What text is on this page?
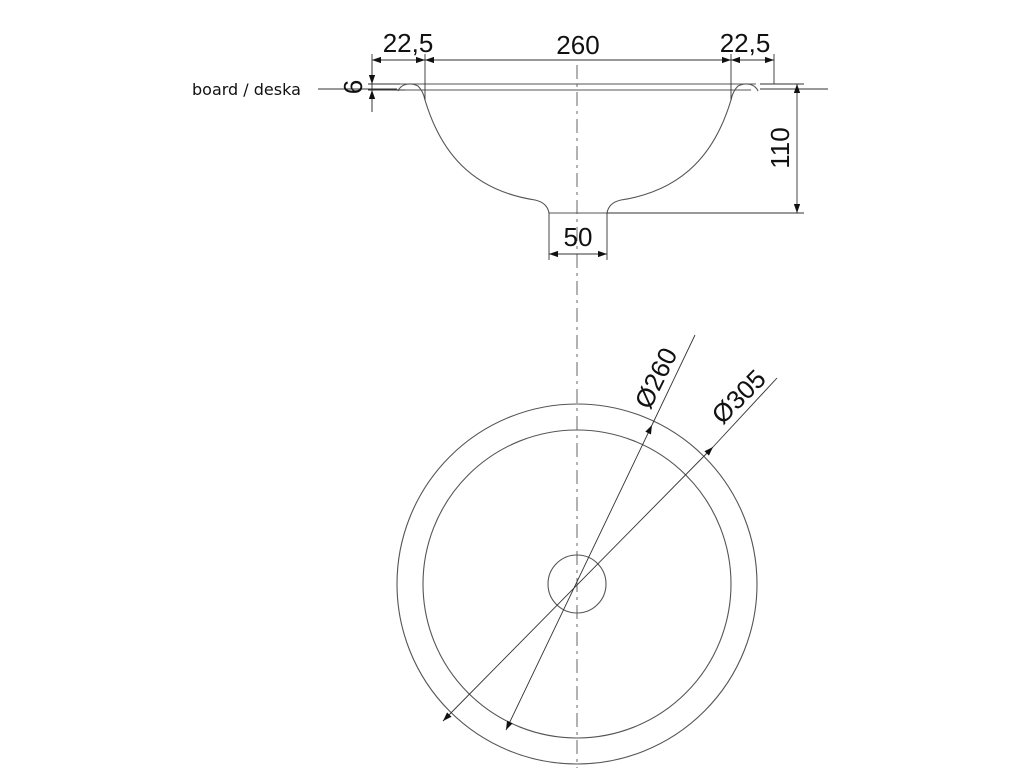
22,5	260	22,5
6
board / deska
110
50
Ø260 Ø305
